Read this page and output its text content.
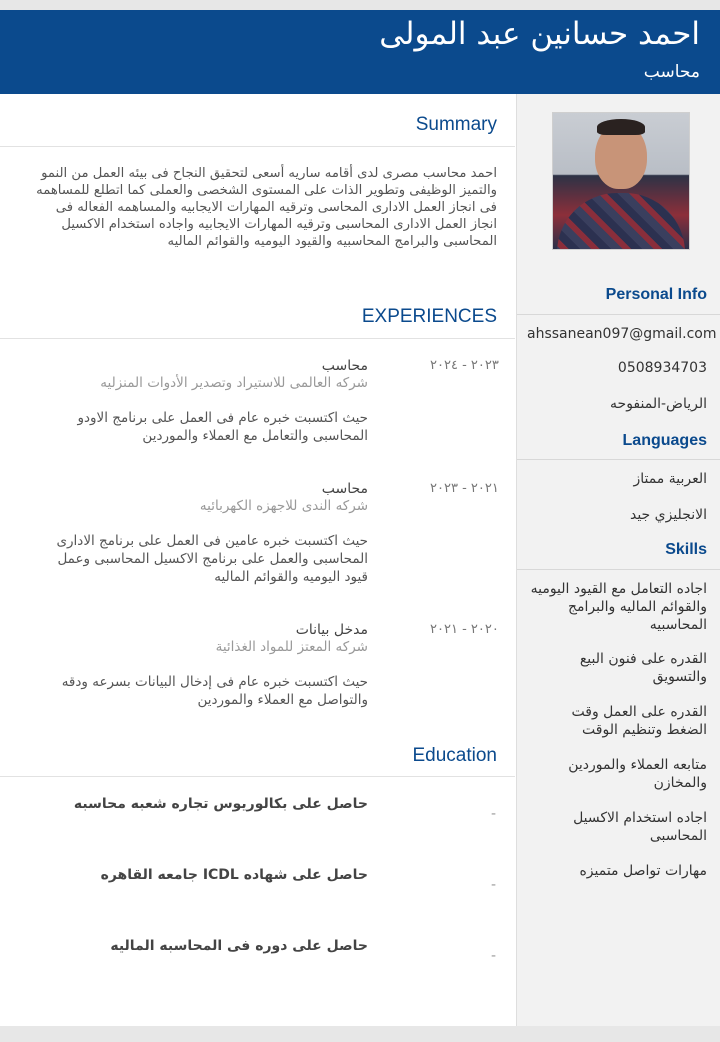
احمد حسانين عبد المولى
محاسب
Personal Info
ahssanean097@gmail.com
0508934703
الرياض-المنفوحه
Languages
العربية ممتاز
الانجليزي جيد
Skills
اجاده التعامل مع القيود اليوميه والقوائم الماليه والبرامج المحاسبيه
القدره على فنون البيع والتسويق
القدره على العمل وقت الضغط وتنظيم الوقت
متابعه العملاء والموردين والمخازن
اجاده استخدام الاكسيل المحاسبى
مهارات تواصل متميزه
Summary
احمد محاسب مصرى لدى أقامه ساريه أسعى لتحقيق النجاح فى بيئه العمل من النمو والتميز الوظيفى وتطوير الذات على المستوى الشخصى والعملى كما اتطلع للمساهمه فى انجاز العمل الادارى المحاسى وترقيه المهارات الايجابيه والمساهمه الفعاله فى انجاز العمل الادارى المحاسبى وترقيه المهارات الايجابيه واجاده استخدام الاكسيل المحاسبى والبرامج المحاسبيه والقيود اليوميه والقوائم الماليه
EXPERIENCES
٢٠٢٣ - ٢٠٢٤
محاسب
شركه العالمى للاستيراد وتصدير الأدوات المنزليه
حيث اكتسبت خبره عام فى العمل على برنامج الاودو المحاسبى والتعامل مع العملاء والموردين
٢٠٢١ - ٢٠٢٣
محاسب
شركه الندى للاجهزه الكهربائيه
حيث اكتسبت خبره عامين فى العمل على برنامج الادارى المحاسبى والعمل على برنامج الاكسيل المحاسبى وعمل قيود اليوميه والقوائم الماليه
٢٠٢٠ - ٢٠٢١
مدخل بيانات
شركه المعتز للمواد الغذائية
حيث اكتسبت خبره عام فى إدخال البيانات بسرعه ودقه والتواصل مع العملاء والموردين
Education
-
حاصل على بكالوريوس تجاره شعبه محاسبه
-
حاصل على شهاده ICDL جامعه القاهره
-
حاصل على دوره فى المحاسبه الماليه
